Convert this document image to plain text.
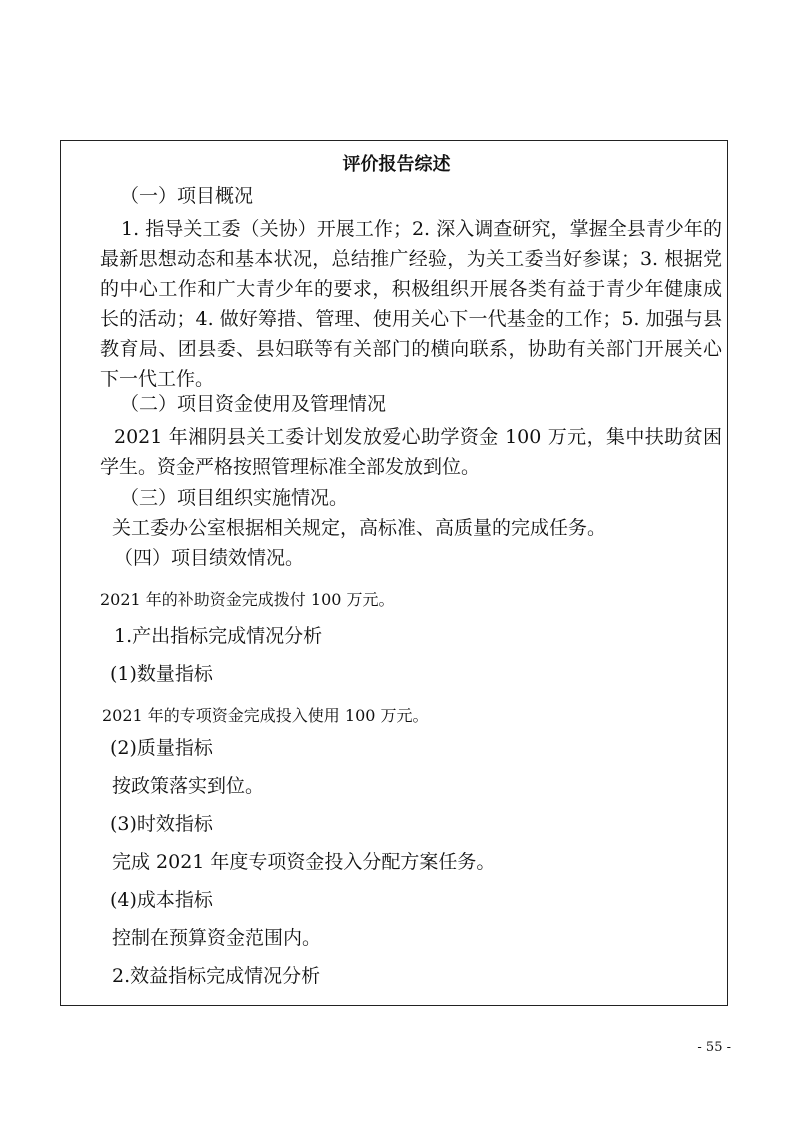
评价报告综述
（一）项目概况

1. 指导关工委（关协）开展工作；2. 深入调查研究，掌握全县青少年的最新思想动态和基本状况，总结推广经验，为关工委当好参谋；3. 根据党的中心工作和广大青少年的要求，积极组织开展各类有益于青少年健康成长的活动；4. 做好筹措、管理、使用关心下一代基金的工作；5. 加强与县教育局、团县委、县妇联等有关部门的横向联系，协助有关部门开展关心下一代工作。

（二）项目资金使用及管理情况

2021 年湘阴县关工委计划发放爱心助学资金 100 万元，集中扶助贫困学生。资金严格按照管理标准全部发放到位。

（三）项目组织实施情况。
关工委办公室根据相关规定，高标准、高质量的完成任务。
（四）项目绩效情况。
2021 年的补助资金完成拨付 100 万元。
1.产出指标完成情况分析
(1)数量指标
2021 年的专项资金完成投入使用 100 万元。
(2)质量指标
按政策落实到位。
(3)时效指标
完成 2021 年度专项资金投入分配方案任务。
(4)成本指标
控制在预算资金范围内。
2.效益指标完成情况分析
- 55 -
